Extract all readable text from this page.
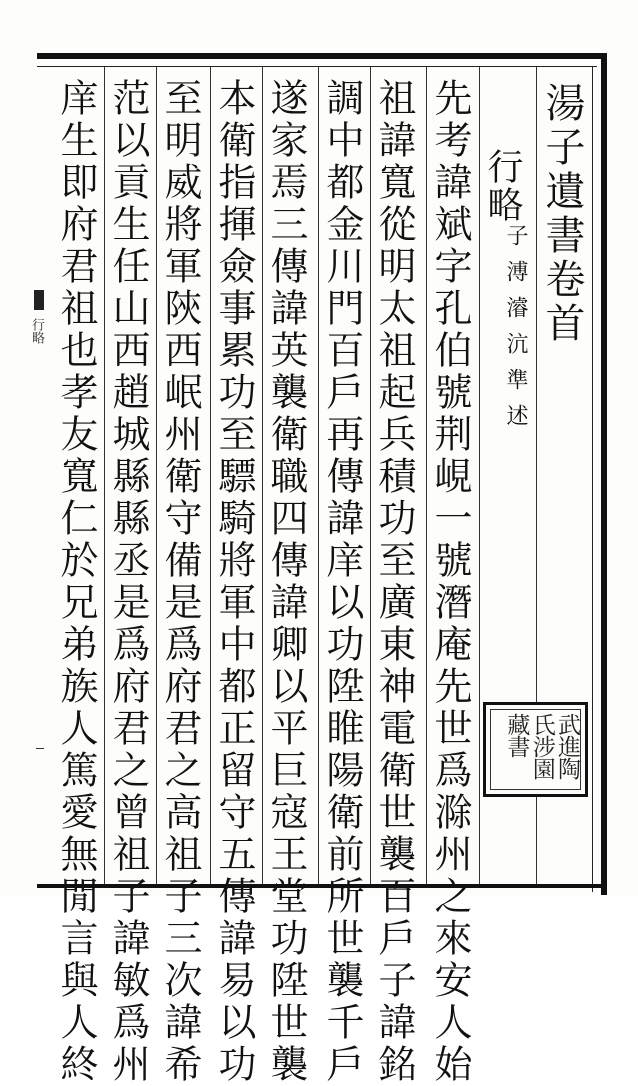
行略	湯子遺書卷首
行略
子溥濬沆準述
先考諱斌字孔伯號荆峴一號潛庵先世爲滁州之來安人始
祖諱寬從明太祖起兵積功至廣東神電衛世襲百戶子諱銘
調中都金川門百戶再傳諱庠以功陞睢陽衛前所世襲千戶
遂家焉三傳諱英襲衛職四傳諱卿以平巨寇王堂功陞世襲
本衛指揮僉事累功至驃騎將軍中都正留守五傳諱易以功
至明威將軍陝西岷州衛守備是爲府君之高祖子三次諱希
范以貢生任山西趙城縣縣丞是爲府君之曾祖子諱敏爲州
庠生即府君祖也孝友寬仁於兄弟族人篤愛無閒言與人終	武進陶氏涉園藏書
